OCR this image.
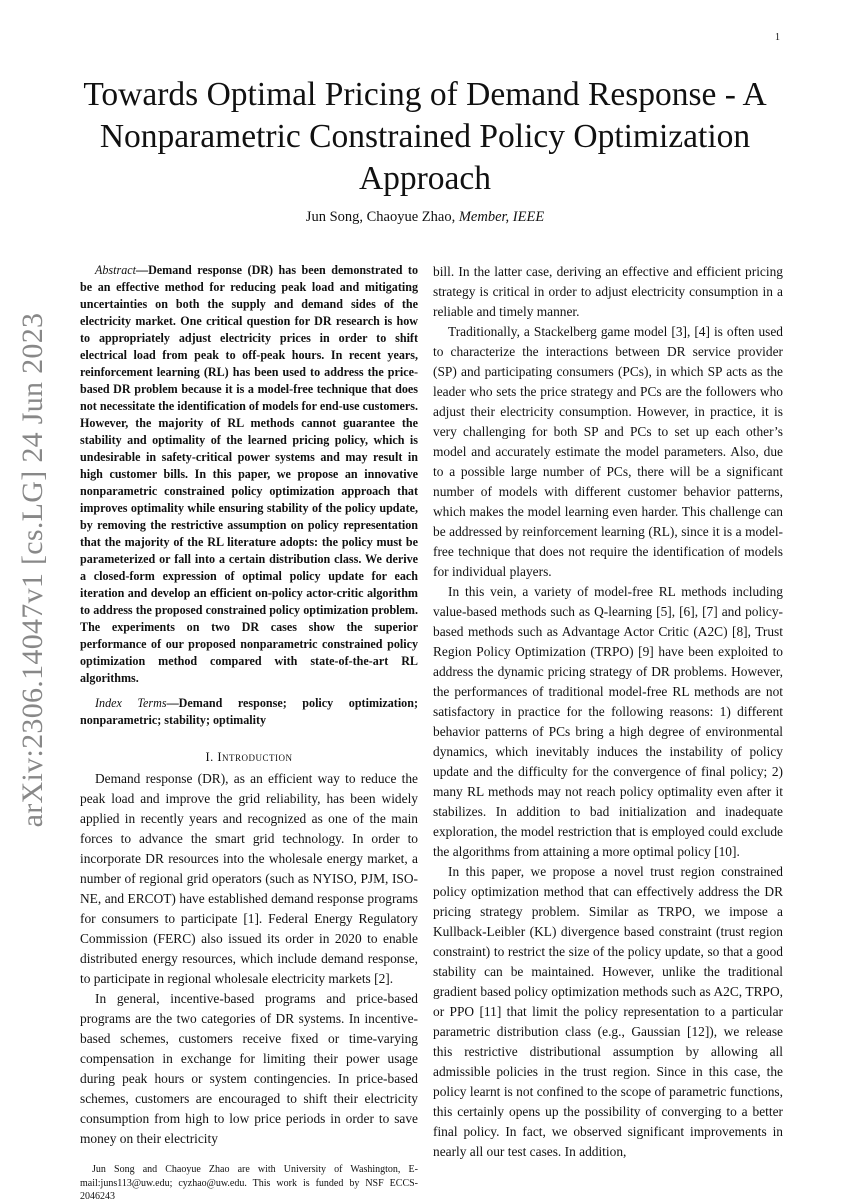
1
arXiv:2306.14047v1 [cs.LG] 24 Jun 2023
Towards Optimal Pricing of Demand Response - A Nonparametric Constrained Policy Optimization Approach
Jun Song, Chaoyue Zhao, Member, IEEE

Abstract—Demand response (DR) has been demonstrated to be an effective method for reducing peak load and mitigating uncertainties on both the supply and demand sides of the electricity market. One critical question for DR research is how to appropriately adjust electricity prices in order to shift electrical load from peak to off-peak hours. In recent years, reinforcement learning (RL) has been used to address the price-based DR problem because it is a model-free technique that does not necessitate the identification of models for end-use customers. However, the majority of RL methods cannot guarantee the stability and optimality of the learned pricing policy, which is undesirable in safety-critical power systems and may result in high customer bills. In this paper, we propose an innovative nonparametric constrained policy optimization approach that improves optimality while ensuring stability of the policy update, by removing the restrictive assumption on policy representation that the majority of the RL literature adopts: the policy must be parameterized or fall into a certain distribution class. We derive a closed-form expression of optimal policy update for each iteration and develop an efficient on-policy actor-critic algorithm to address the proposed constrained policy optimization problem. The experiments on two DR cases show the superior performance of our proposed nonparametric constrained policy optimization method compared with state-of-the-art RL algorithms.

Index Terms—Demand response; policy optimization; nonparametric; stability; optimality

I. Introduction

Demand response (DR), as an efficient way to reduce the peak load and improve the grid reliability, has been widely applied in recently years and recognized as one of the main forces to advance the smart grid technology. In order to incorporate DR resources into the wholesale energy market, a number of regional grid operators (such as NYISO, PJM, ISO-NE, and ERCOT) have established demand response programs for consumers to participate [1]. Federal Energy Regulatory Commission (FERC) also issued its order in 2020 to enable distributed energy resources, which include demand response, to participate in regional wholesale electricity markets [2].

In general, incentive-based programs and price-based programs are the two categories of DR systems. In incentive-based schemes, customers receive fixed or time-varying compensation in exchange for limiting their power usage during peak hours or system contingencies. In price-based schemes, customers are encouraged to shift their electricity consumption from high to low price periods in order to save money on their electricity

Jun Song and Chaoyue Zhao are with University of Washington, E-mail:juns113@uw.edu; cyzhao@uw.edu. This work is funded by NSF ECCS-2046243

bill. In the latter case, deriving an effective and efficient pricing strategy is critical in order to adjust electricity consumption in a reliable and timely manner.

Traditionally, a Stackelberg game model [3], [4] is often used to characterize the interactions between DR service provider (SP) and participating consumers (PCs), in which SP acts as the leader who sets the price strategy and PCs are the followers who adjust their electricity consumption. However, in practice, it is very challenging for both SP and PCs to set up each other’s model and accurately estimate the model parameters. Also, due to a possible large number of PCs, there will be a significant number of models with different customer behavior patterns, which makes the model learning even harder. This challenge can be addressed by reinforcement learning (RL), since it is a model-free technique that does not require the identification of models for individual players.

In this vein, a variety of model-free RL methods including value-based methods such as Q-learning [5], [6], [7] and policy-based methods such as Advantage Actor Critic (A2C) [8], Trust Region Policy Optimization (TRPO) [9] have been exploited to address the dynamic pricing strategy of DR problems. However, the performances of traditional model-free RL methods are not satisfactory in practice for the following reasons: 1) different behavior patterns of PCs bring a high degree of environmental dynamics, which inevitably induces the instability of policy update and the difficulty for the convergence of final policy; 2) many RL methods may not reach policy optimality even after it stabilizes. In addition to bad initialization and inadequate exploration, the model restriction that is employed could exclude the algorithms from attaining a more optimal policy [10].

In this paper, we propose a novel trust region constrained policy optimization method that can effectively address the DR pricing strategy problem. Similar as TRPO, we impose a Kullback-Leibler (KL) divergence based constraint (trust region constraint) to restrict the size of the policy update, so that a good stability can be maintained. However, unlike the traditional gradient based policy optimization methods such as A2C, TRPO, or PPO [11] that limit the policy representation to a particular parametric distribution class (e.g., Gaussian [12]), we release this restrictive distributional assumption by allowing all admissible policies in the trust region. Since in this case, the policy learnt is not confined to the scope of parametric functions, this certainly opens up the possibility of converging to a better final policy. In fact, we observed significant improvements in nearly all our test cases. In addition,
